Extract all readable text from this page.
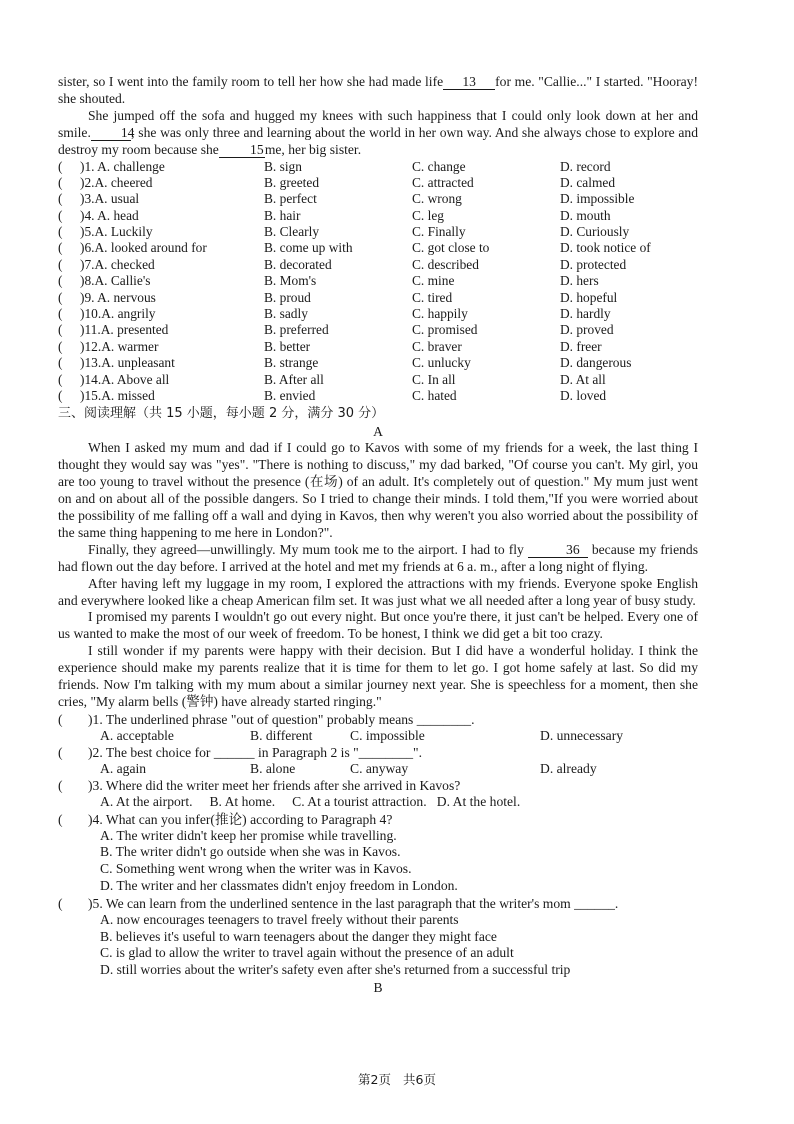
sister, so I went into the family room to tell her how she had made life 13 for me. "Callie..." I started. "Hooray! she shouted.

She jumped off the sofa and hugged my knees with such happiness that I could only look down at her and smile. 14; she was only three and learning about the world in her own way. And she always chose to explore and destroy my room because she 15me, her big sister.

(	)1. A. challenge	B. sign	C. change	D. record
(	)2.A. cheered	B. greeted	C. attracted	D. calmed
(	)3.A. usual	B. perfect	C. wrong	D. impossible
(	)4. A. head	B. hair	C. leg	D. mouth
(	)5.A. Luckily	B. Clearly	C. Finally	D. Curiously
(	)6.A. looked around for	B. come up with	C. got close to	D. took notice of
(	)7.A. checked	B. decorated	C. described	D. protected
(	)8.A. Callie's	B. Mom's	C. mine	D. hers
(	)9. A. nervous	B. proud	C. tired	D. hopeful
(	)10.A. angrily	B. sadly	C. happily	D. hardly
(	)11.A. presented	B. preferred	C. promised	D. proved
(	)12.A. warmer	B. better	C. braver	D. freer
(	)13.A. unpleasant	B. strange	C. unlucky	D. dangerous
(	)14.A. Above all	B. After all	C. In all	D. At all
(	)15.A. missed	B. envied	C. hated	D. loved
三、阅读理解（共 15 小题，每小题 2 分，满分 30 分）
A

When I asked my mum and dad if I could go to Kavos with some of my friends for a week, the last thing I thought they would say was "yes". "There is nothing to discuss," my dad barked, "Of course you can't. My girl, you are too young to travel without the presence (在场) of an adult. It's completely out of question." My mum just went on and on about all of the possible dangers. So I tried to change their minds. I told them,"If you were worried about the possibility of me falling off a wall and dying in Kavos, then why weren't you also worried about the possibility of the same thing happening to me here in London?".

Finally, they agreed—unwillingly. My mum took me to the airport. I had to fly	36 because my friends had flown out the day before. I arrived at the hotel and met my friends at 6 a. m., after a long night of flying.

After having left my luggage in my room, I explored the attractions with my friends. Everyone spoke English and everywhere looked like a cheap American film set. It was just what we all needed after a long year of busy study.

I promised my parents I wouldn't go out every night. But once you're there, it just can't be helped. Every one of us wanted to make the most of our week of freedom. To be honest, I think we did get a bit too crazy.

I still wonder if my parents were happy with their decision. But I did have a wonderful holiday. I think the experience should make my parents realize that it is time for them to let go. I got home safely at last. So did my friends. Now I'm talking with my mum about a similar journey next year. She is speechless for a moment, then she cries, "My alarm bells (警钟) have already started ringing."

( )1. The underlined phrase "out of question" probably means ________.
A. acceptable	B. different	C. impossible	D. unnecessary
(	)2. The best choice for ______ in Paragraph 2 is "________".
A. again	B. alone	C. anyway	D. already
(	)3. Where did the writer meet her friends after she arrived in Kavos?
A. At the airport.     B. At home.     C. At a tourist attraction.   D. At the hotel.
( )4. What can you infer(推论) according to Paragraph 4?
A. The writer didn't keep her promise while travelling.
B. The writer didn't go outside when she was in Kavos.
C. Something went wrong when the writer was in Kavos.
D. The writer and her classmates didn't enjoy freedom in London.
( )5. We can learn from the underlined sentence in the last paragraph that the writer's mom ______.
A. now encourages teenagers to travel freely without their parents
B. believes it's useful to warn teenagers about the danger they might face
C. is glad to allow the writer to travel again without the presence of an adult
D. still worries about the writer's safety even after she's returned from a successful trip
B
第2页 共6页
